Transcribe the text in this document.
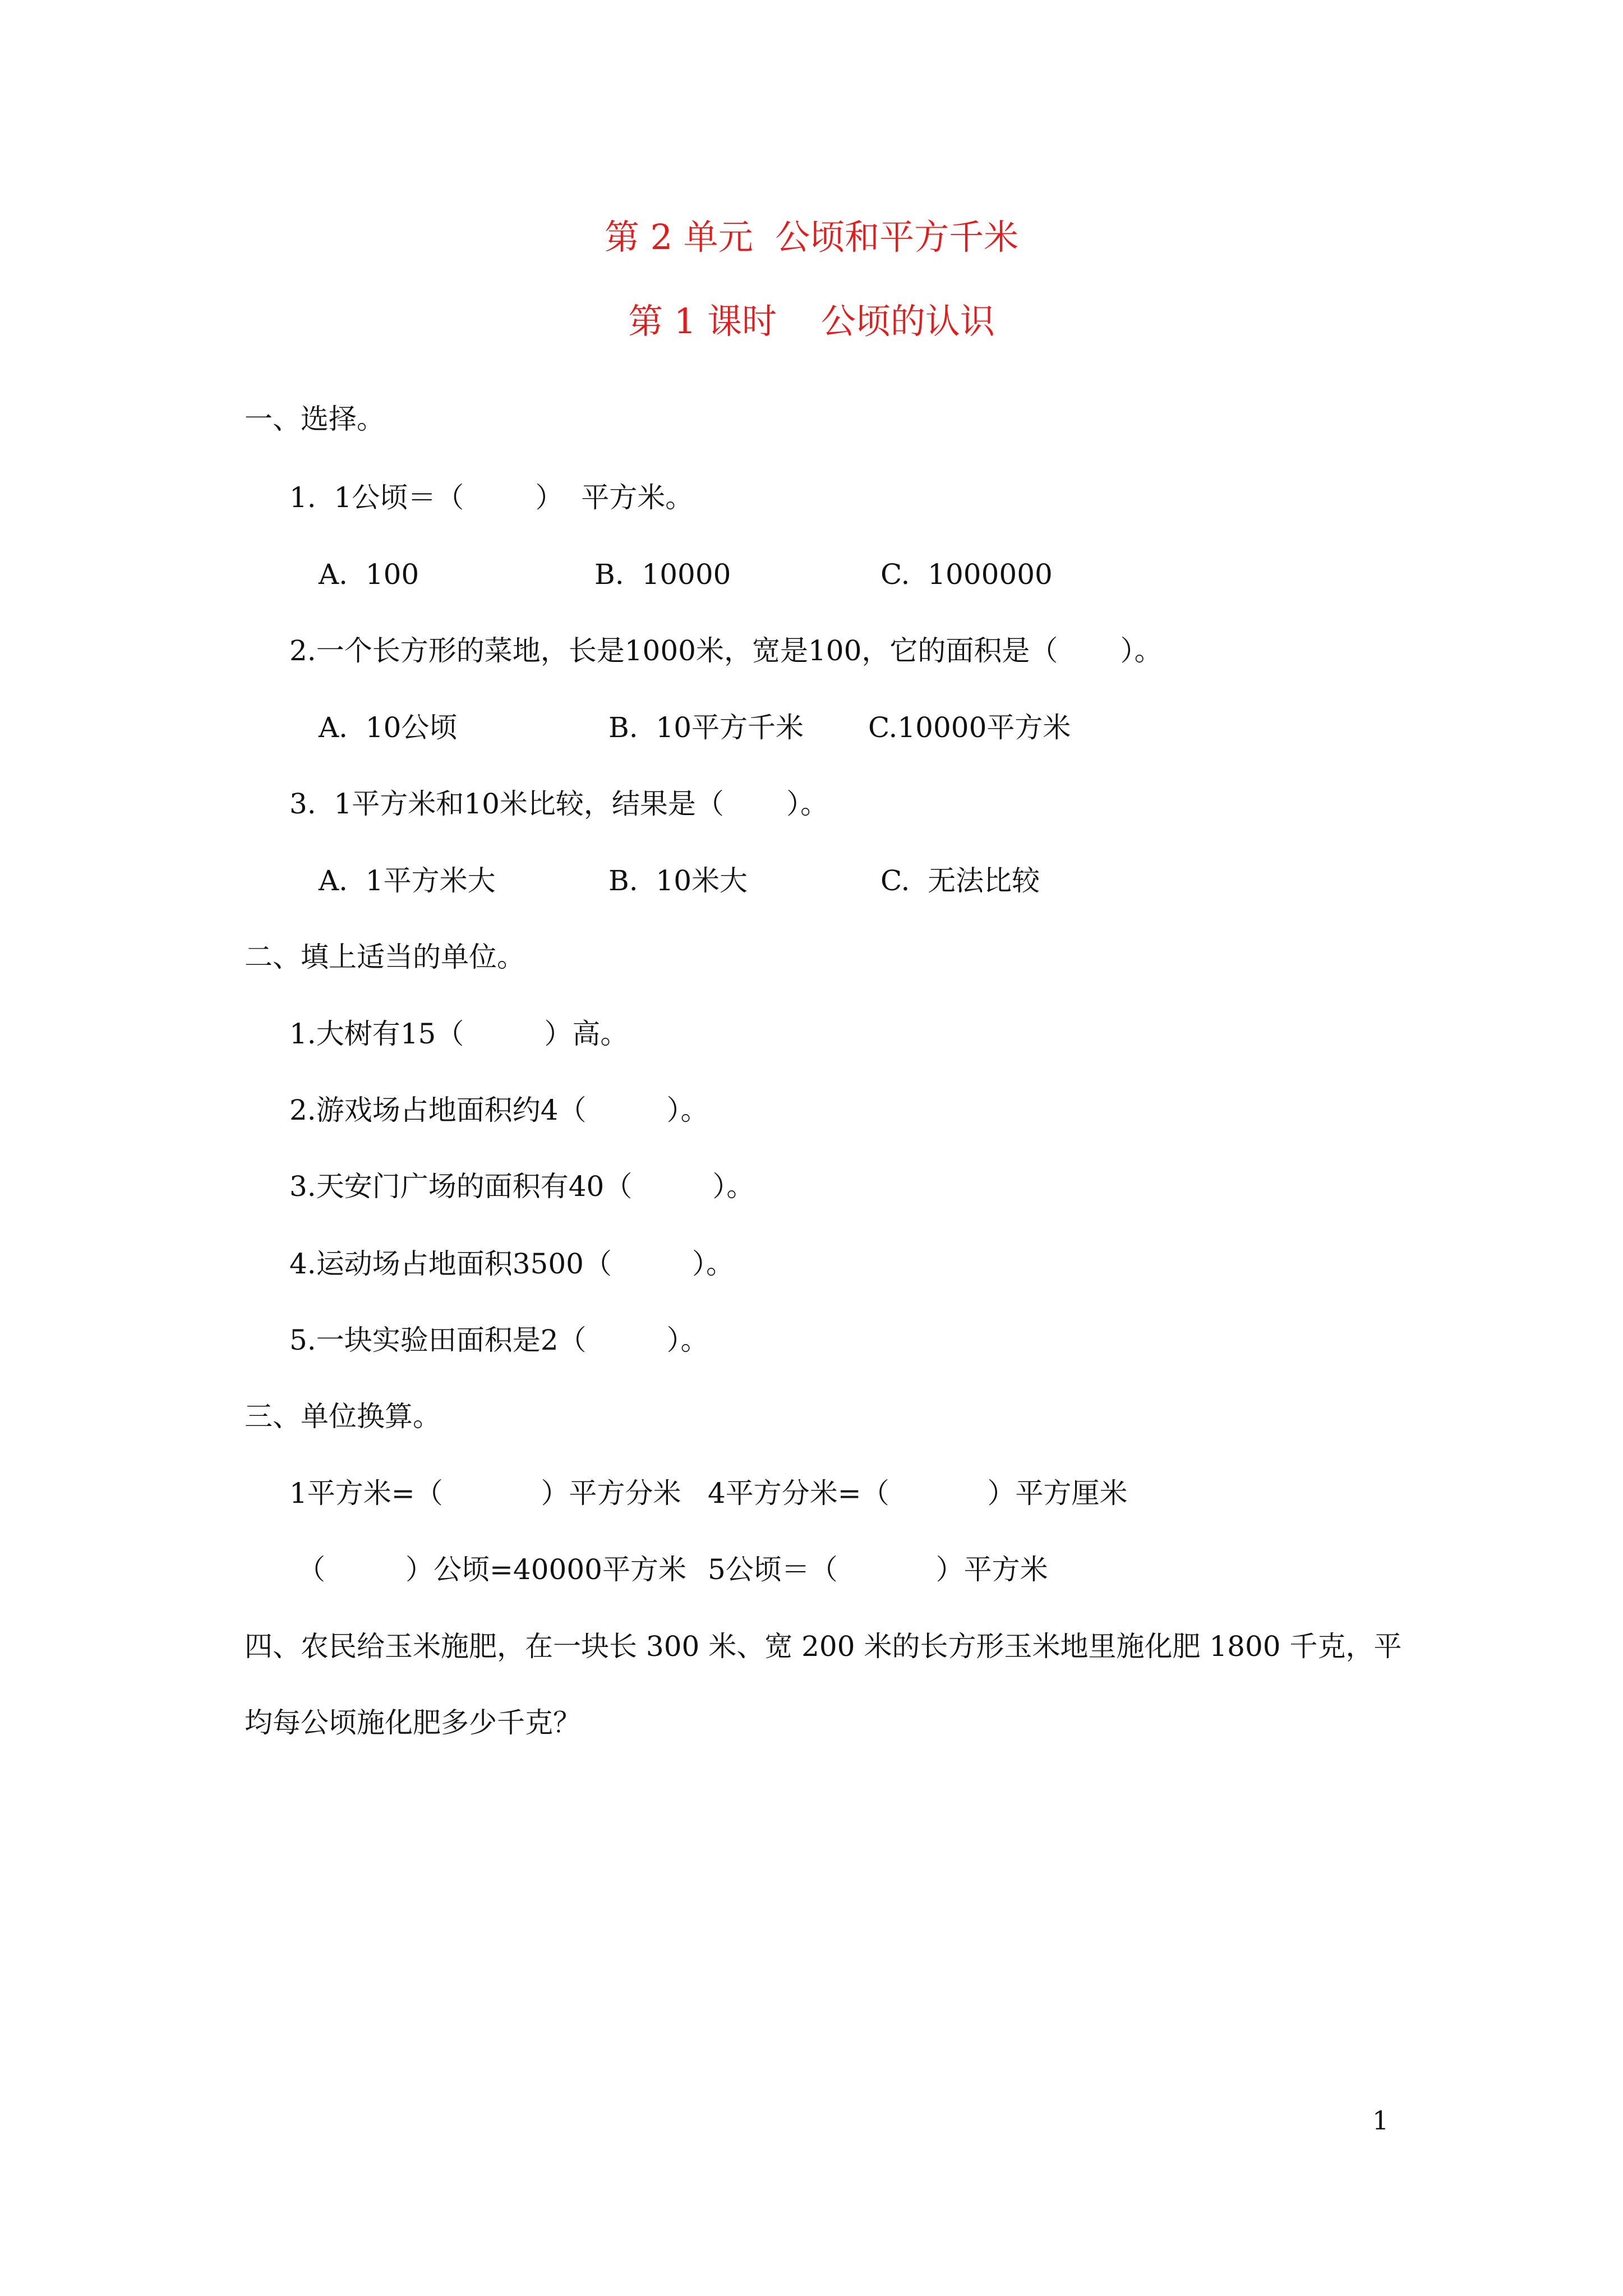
第 2 单元  公顷和平方千米
第 1 课时    公顷的认识
一、选择。
1.  1公顷＝（        ）  平方米。
A.  100	B.  10000	C.  1000000
2.一个长方形的菜地，长是1000米，宽是100，它的面积是（       ）。
A.  10公顷	B.  10平方千米 C.10000平方米
3.  1平方米和10米比较，结果是（       ）。
A.  1平方米大	B.  10米大	C.  无法比较
二、填上适当的单位。
1.大树有15（         ）高。
2.游戏场占地面积约4（         ）。
3.天安门广场的面积有40（         ）。
4.运动场占地面积3500（         ）。
5.一块实验田面积是2（         ）。
三、单位换算。
1平方米=（           ）平方分米 4平方分米=（           ）平方厘米
（         ）公顷=40000平方米 5公顷＝（           ）平方米
四、农民给玉米施肥，在一块长 300 米、宽 200 米的长方形玉米地里施化肥 1800 千克，平
均每公顷施化肥多少千克？
1
